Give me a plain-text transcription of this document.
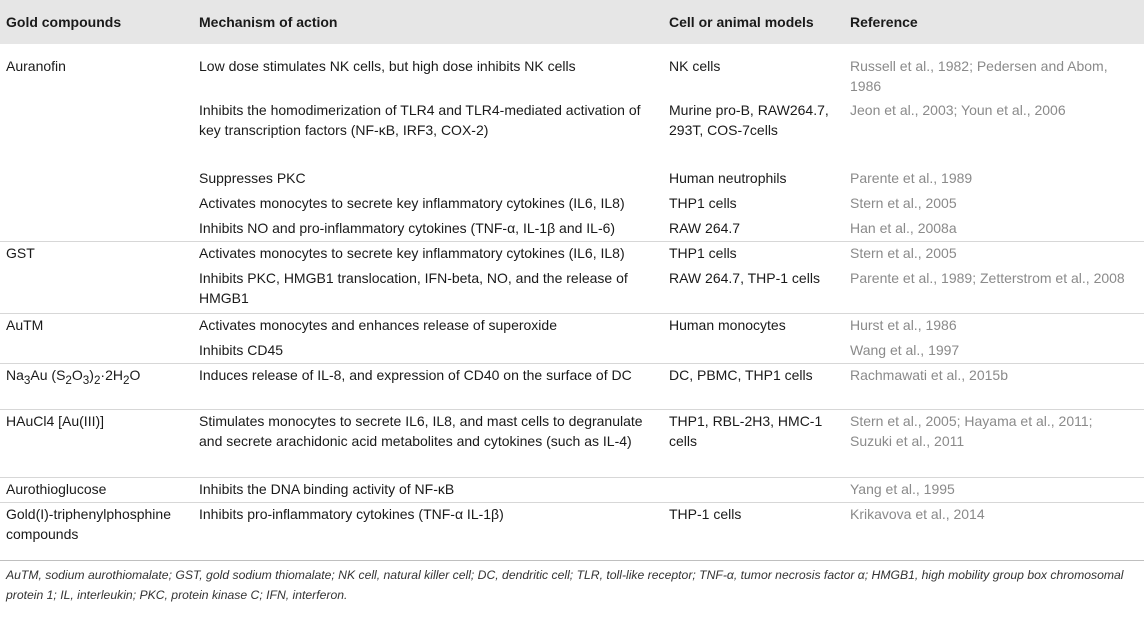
Gold compounds	Mechanism of action	Cell or animal models	Reference
Auranofin	Low dose stimulates NK cells, but high dose inhibits NK cells	NK cells	Russell et al., 1982; Pedersen and Abom, 1986
	Inhibits the homodimerization of TLR4 and TLR4-mediated activation of key transcription factors (NF-κB, IRF3, COX-2)	Murine pro-B, RAW264.7, 293T, COS-7cells	Jeon et al., 2003; Youn et al., 2006
	Suppresses PKC	Human neutrophils	Parente et al., 1989
	Activates monocytes to secrete key inflammatory cytokines (IL6, IL8)	THP1 cells	Stern et al., 2005
	Inhibits NO and pro-inflammatory cytokines (TNF-α, IL-1β and IL-6)	RAW 264.7	Han et al., 2008a
GST	Activates monocytes to secrete key inflammatory cytokines (IL6, IL8)	THP1 cells	Stern et al., 2005
	Inhibits PKC, HMGB1 translocation, IFN-beta, NO, and the release of HMGB1	RAW 264.7, THP-1 cells	Parente et al., 1989; Zetterstrom et al., 2008
AuTM	Activates monocytes and enhances release of superoxide	Human monocytes	Hurst et al., 1986
	Inhibits CD45		Wang et al., 1997
$Na_3Au$ $(S_2O_3)_2\cdot 2H_2O$	Induces release of IL-8, and expression of CD40 on the surface of DC	DC, PBMC, THP1 cells	Rachmawati et al., 2015b
HAuCl4 [Au(III)]	Stimulates monocytes to secrete IL6, IL8, and mast cells to degranulate and secrete arachidonic acid metabolites and cytokines (such as IL-4)	THP1, RBL-2H3, HMC-1 cells	Stern et al., 2005; Hayama et al., 2011; Suzuki et al., 2011
Aurothioglucose	Inhibits the DNA binding activity of NF-κB		Yang et al., 1995
Gold(I)-triphenylphosphine compounds	Inhibits pro-inflammatory cytokines (TNF-α IL-1β)	THP-1 cells	Krikavova et al., 2014
AuTM, sodium aurothiomalate; GST, gold sodium thiomalate; NK cell, natural killer cell; DC, dendritic cell; TLR, toll-like receptor; TNF-α, tumor necrosis factor α; HMGB1, high mobility group box chromosomal protein 1; IL, interleukin; PKC, protein kinase C; IFN, interferon.
